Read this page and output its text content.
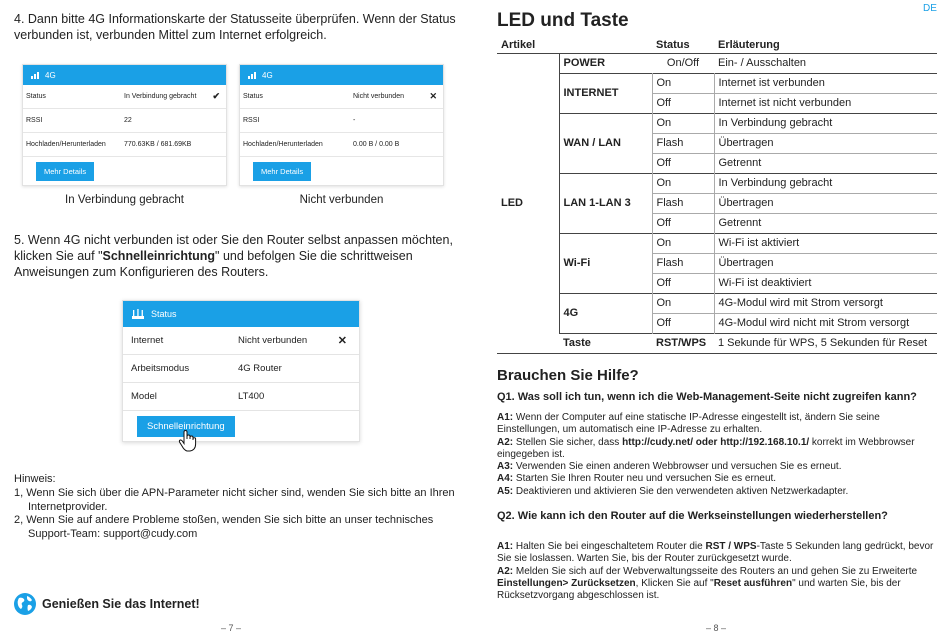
4. Dann bitte 4G Informationskarte der Statusseite überprüfen. Wenn der Status verbunden ist, verbunden Mittel zum Internet erfolgreich.
4G
Status	In Verbindung gebracht	✔
RSSI	22
Hochladen/Herunterladen	770.63KB / 681.69KB
Mehr Details
In Verbindung gebracht
4G
Status	Nicht verbunden	✕
RSSI	-
Hochladen/Herunterladen	0.00 B / 0.00 B
Mehr Details
Nicht verbunden
5. Wenn 4G nicht verbunden ist oder Sie den Router selbst anpassen möchten, klicken Sie auf "Schnelleinrichtung" und befolgen Sie die schrittweisen Anweisungen zum Konfigurieren des Routers.
Status
Internet	Nicht verbunden	✕
Arbeitsmodus	4G Router
Model	LT400
Schnelleinrichtung
Hinweis:
1, Wenn Sie sich über die APN-Parameter nicht sicher sind, wenden Sie sich bitte an Ihren Internetprovider.
2, Wenn Sie auf andere Probleme stoßen, wenden Sie sich bitte an unser technisches Support-Team: support@cudy.com
Genießen Sie das Internet!
– 7 –
DE
LED und Taste
Artikel		Status	Erläuterung
LED	POWER	On/Off	Ein- / Ausschalten
	INTERNET	On	Internet ist verbunden
		Off	Internet ist nicht verbunden
	WAN / LAN	On	In Verbindung gebracht
		Flash	Übertragen
		Off	Getrennt
	LAN 1-LAN 3	On	In Verbindung gebracht
		Flash	Übertragen
		Off	Getrennt
	Wi-Fi	On	Wi-Fi ist aktiviert
		Flash	Übertragen
		Off	Wi-Fi ist deaktiviert
	4G	On	4G-Modul wird mit Strom versorgt
		Off	4G-Modul wird nicht mit Strom versorgt
	Taste	RST/WPS	1 Sekunde für WPS, 5 Sekunden für Reset
Brauchen Sie Hilfe?
Q1. Was soll ich tun, wenn ich die Web-Management-Seite nicht zugreifen kann?
A1: Wenn der Computer auf eine statische IP-Adresse eingestellt ist, ändern Sie seine Einstellungen, um automatisch eine IP-Adresse zu erhalten.
A2: Stellen Sie sicher, dass http://cudy.net/ oder http://192.168.10.1/ korrekt im Webbrowser eingegeben ist.
A3: Verwenden Sie einen anderen Webbrowser und versuchen Sie es erneut.
A4: Starten Sie Ihren Router neu und versuchen Sie es erneut.
A5: Deaktivieren und aktivieren Sie den verwendeten aktiven Netzwerkadapter.
Q2. Wie kann ich den Router auf die Werkseinstellungen wiederherstellen?
A1: Halten Sie bei eingeschaltetem Router die RST / WPS-Taste 5 Sekunden lang gedrückt, bevor Sie sie loslassen. Warten Sie, bis der Router zurückgesetzt wurde.
A2: Melden Sie sich auf der Webverwaltungsseite des Routers an und gehen Sie zu Erweiterte Einstellungen> Zurücksetzen, Klicken Sie auf "Reset ausführen" und warten Sie, bis der Rücksetzvorgang abgeschlossen ist.
– 8 –
